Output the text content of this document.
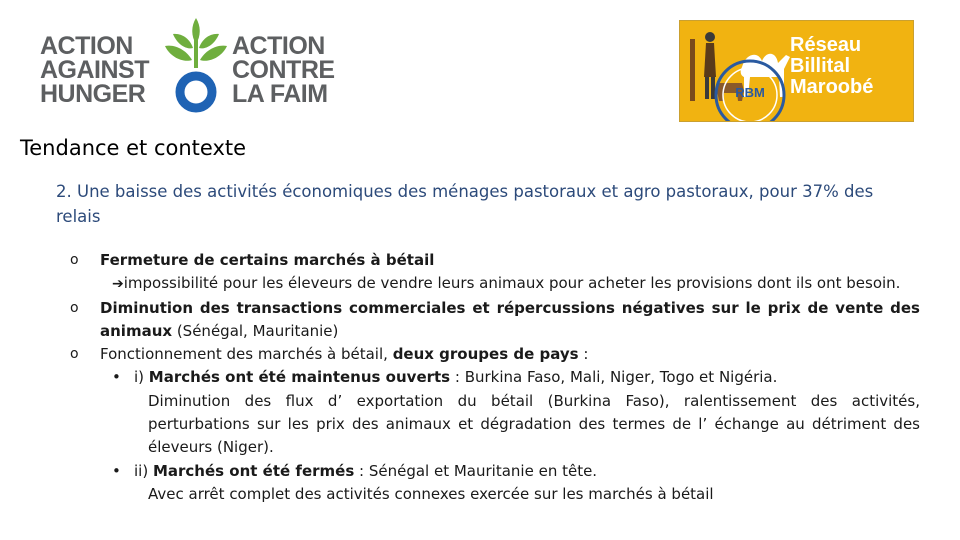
ACTION
AGAINST
HUNGER

ACTION
CONTRE
LA FAIM	RBM

Réseau
Billital
Maroobé

Tendance et contexte

2. Une baisse des activités économiques des ménages pastoraux et agro pastoraux, pour 37% des relais

o Fermeture de certains marchés à bétail
➔impossibilité pour les éleveurs de vendre leurs animaux pour acheter les provisions dont ils ont besoin.
o Diminution des transactions commerciales et répercussions négatives sur le prix de vente des animaux (Sénégal, Mauritanie)
o Fonctionnement des marchés à bétail, deux groupes de pays :
• i) Marchés ont été maintenus ouverts : Burkina Faso, Mali, Niger, Togo et Nigéria.
Diminution des flux d’ exportation du bétail (Burkina Faso), ralentissement des activités, perturbations sur les prix des animaux et dégradation des termes de l’ échange au détriment des éleveurs (Niger).
• ii) Marchés ont été fermés : Sénégal et Mauritanie en tête.
Avec arrêt complet des activités connexes exercée sur les marchés à bétail
